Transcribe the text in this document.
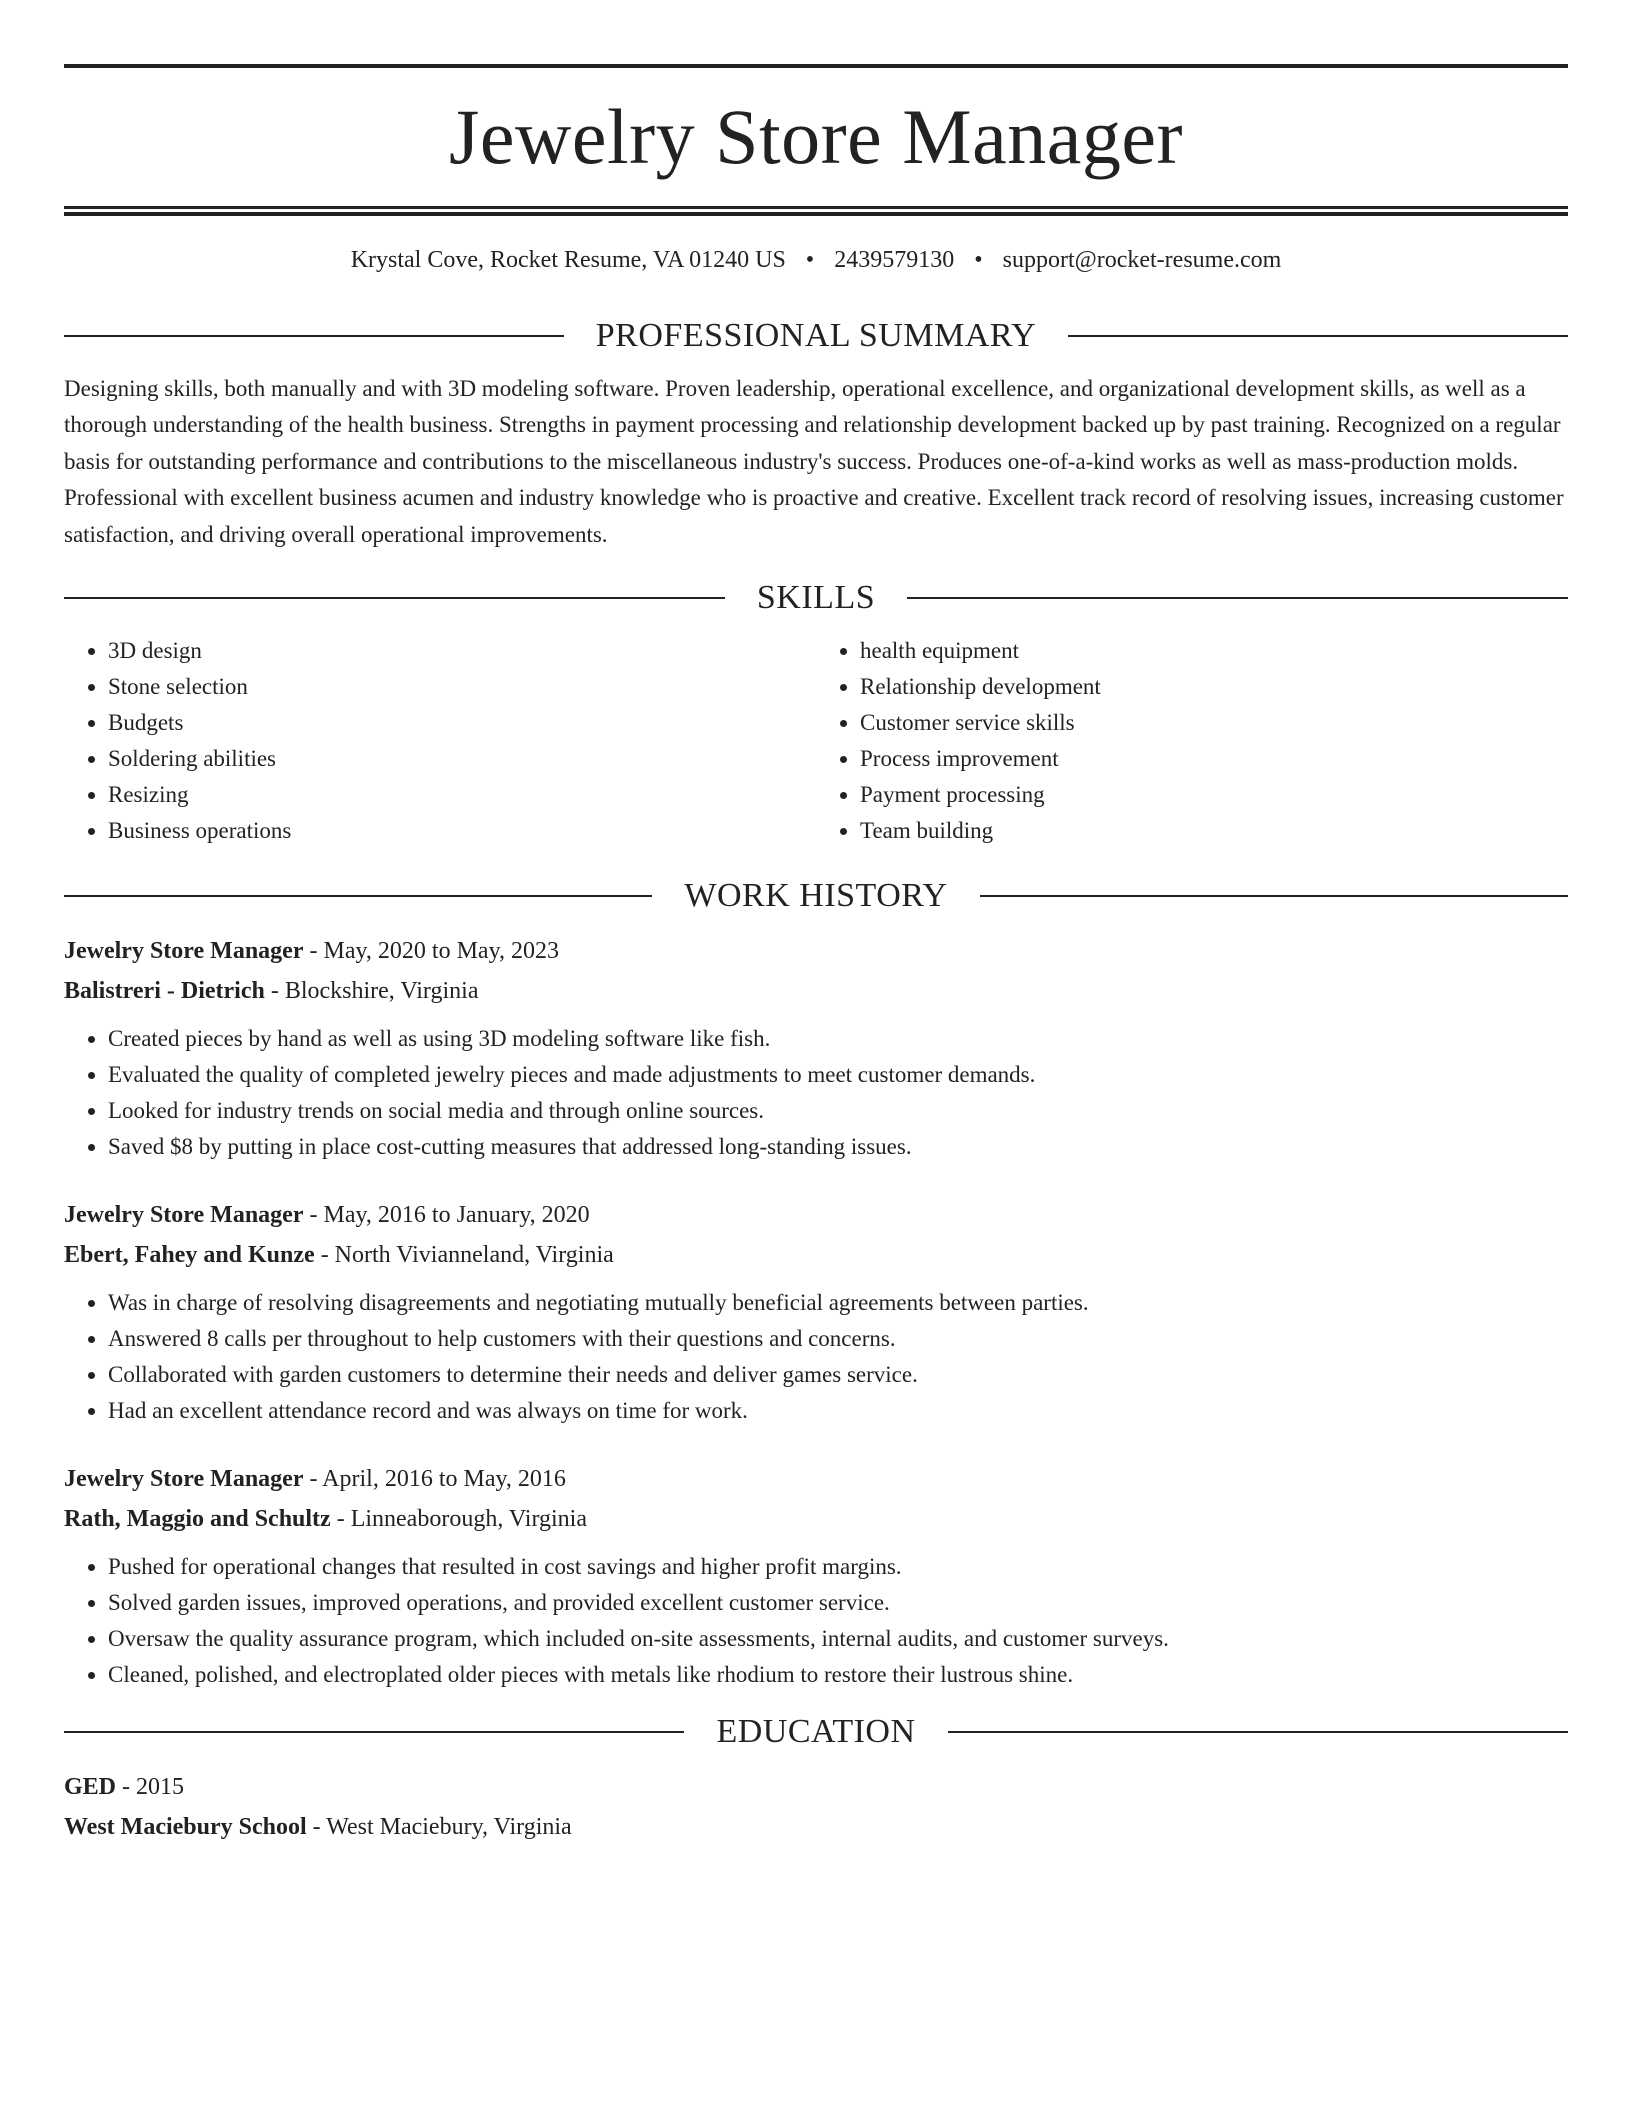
Jewelry Store Manager
Krystal Cove, Rocket Resume, VA 01240 US • 2439579130 • support@rocket-resume.com
PROFESSIONAL SUMMARY

Designing skills, both manually and with 3D modeling software. Proven leadership, operational excellence, and organizational development skills, as well as a thorough understanding of the health business. Strengths in payment processing and relationship development backed up by past training. Recognized on a regular basis for outstanding performance and contributions to the miscellaneous industry's success. Produces one-of-a-kind works as well as mass-production molds. Professional with excellent business acumen and industry knowledge who is proactive and creative. Excellent track record of resolving issues, increasing customer satisfaction, and driving overall operational improvements.

SKILLS
• 3D design
• Stone selection
• Budgets
• Soldering abilities
• Resizing
• Business operations
• health equipment
• Relationship development
• Customer service skills
• Process improvement
• Payment processing
• Team building
WORK HISTORY
Jewelry Store Manager - May, 2020 to May, 2023
Balistreri - Dietrich - Blockshire, Virginia
• Created pieces by hand as well as using 3D modeling software like fish.
• Evaluated the quality of completed jewelry pieces and made adjustments to meet customer demands.
• Looked for industry trends on social media and through online sources.
• Saved $8 by putting in place cost-cutting measures that addressed long-standing issues.
Jewelry Store Manager - May, 2016 to January, 2020
Ebert, Fahey and Kunze - North Vivianneland, Virginia
• Was in charge of resolving disagreements and negotiating mutually beneficial agreements between parties.
• Answered 8 calls per throughout to help customers with their questions and concerns.
• Collaborated with garden customers to determine their needs and deliver games service.
• Had an excellent attendance record and was always on time for work.
Jewelry Store Manager - April, 2016 to May, 2016
Rath, Maggio and Schultz - Linneaborough, Virginia
• Pushed for operational changes that resulted in cost savings and higher profit margins.
• Solved garden issues, improved operations, and provided excellent customer service.
• Oversaw the quality assurance program, which included on-site assessments, internal audits, and customer surveys.
• Cleaned, polished, and electroplated older pieces with metals like rhodium to restore their lustrous shine.
EDUCATION
GED - 2015
West Maciebury School - West Maciebury, Virginia
